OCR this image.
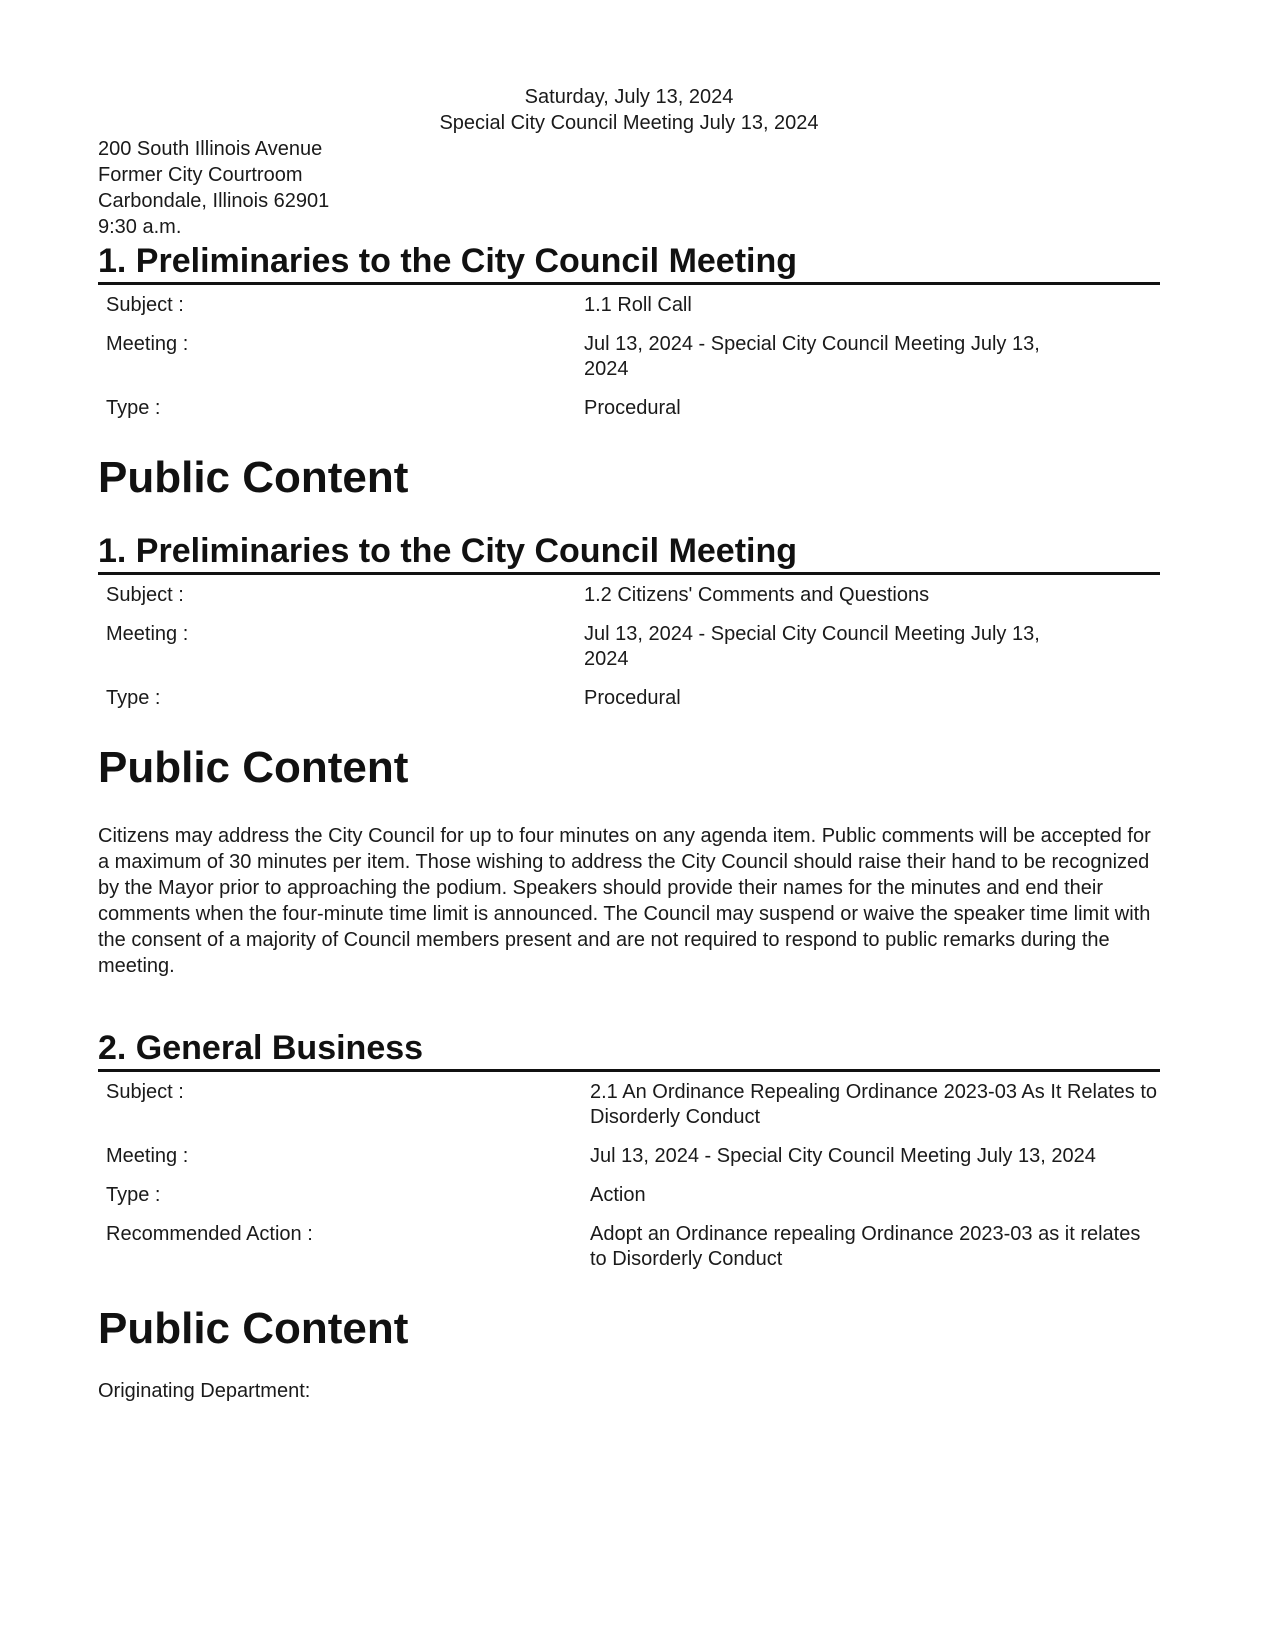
Saturday, July 13, 2024
Special City Council Meeting July 13, 2024
200 South Illinois Avenue
Former City Courtroom
Carbondale, Illinois 62901
9:30 a.m.
1. Preliminaries to the City Council Meeting
Subject :	1.1 Roll Call
Meeting :	Jul 13, 2024 - Special City Council Meeting July 13, 2024
Type :	Procedural
Public Content
1. Preliminaries to the City Council Meeting
Subject :	1.2 Citizens' Comments and Questions
Meeting :	Jul 13, 2024 - Special City Council Meeting July 13, 2024
Type :	Procedural
Public Content

Citizens may address the City Council for up to four minutes on any agenda item. Public comments will be accepted for a maximum of 30 minutes per item. Those wishing to address the City Council should raise their hand to be recognized by the Mayor prior to approaching the podium. Speakers should provide their names for the minutes and end their comments when the four-minute time limit is announced. The Council may suspend or waive the speaker time limit with the consent of a majority of Council members present and are not required to respond to public remarks during the meeting.

2. General Business
Subject :	2.1 An Ordinance Repealing Ordinance 2023-03 As It Relates to Disorderly Conduct
Meeting :	Jul 13, 2024 - Special City Council Meeting July 13, 2024
Type :	Action
Recommended Action :	Adopt an Ordinance repealing Ordinance 2023-03 as it relates to Disorderly Conduct
Public Content

Originating Department:
